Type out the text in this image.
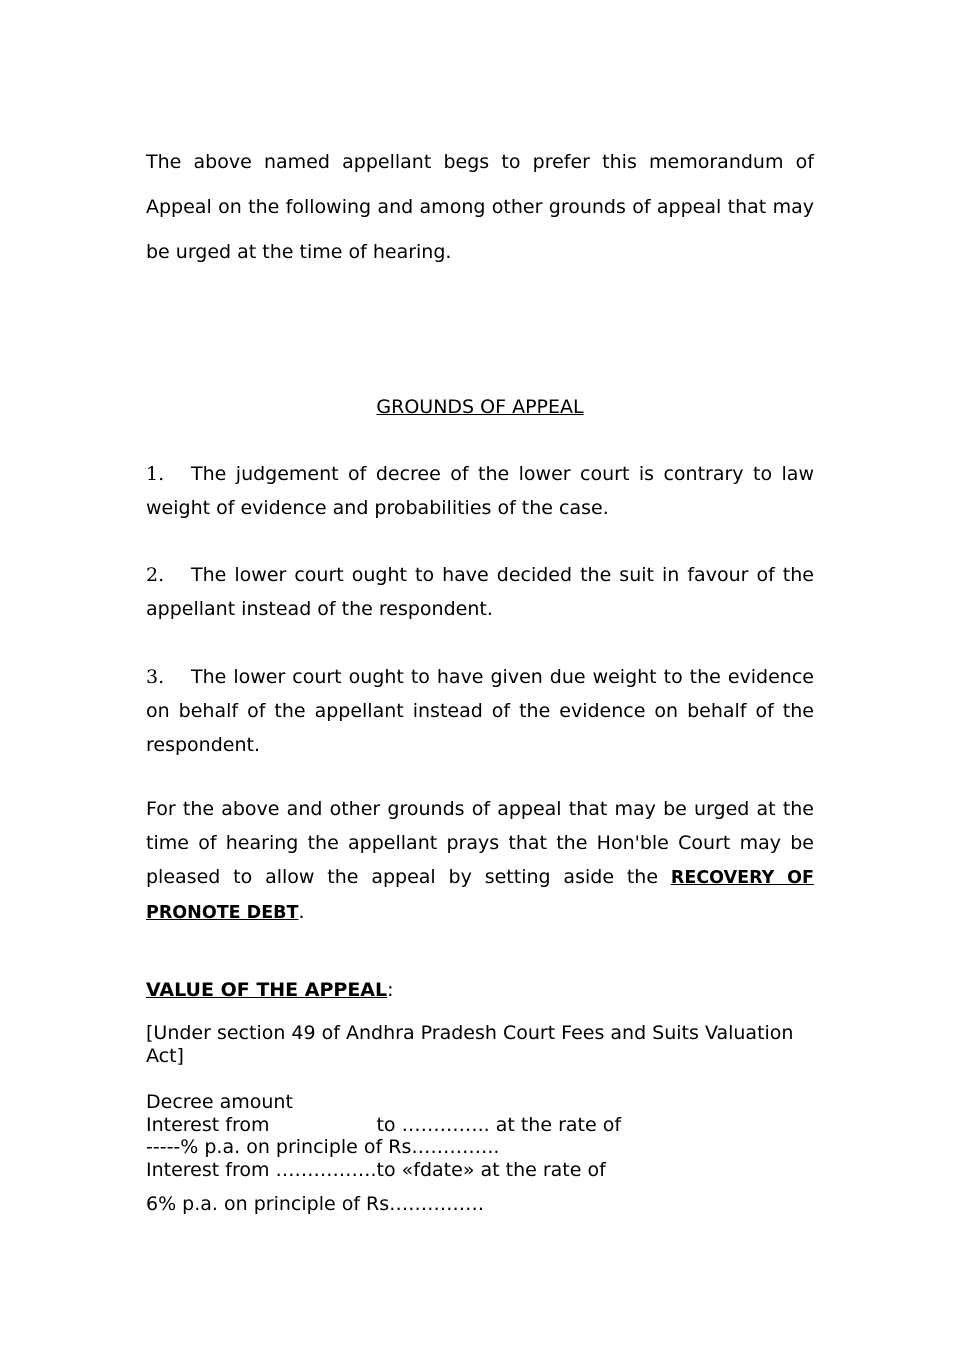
The above named appellant begs to prefer this memorandum of Appeal on the following and among other grounds of appeal that may be urged at the time of hearing.

GROUNDS OF APPEAL

1. The judgement of decree of the lower court is contrary to law weight of evidence and probabilities of the case.

2. The lower court ought to have decided the suit in favour of the appellant instead of the respondent.

3. The lower court ought to have given due weight to the evidence on behalf of the appellant instead of the evidence on behalf of the respondent.

For the above and other grounds of appeal that may be urged at the time of hearing the appellant prays that the Hon'ble Court may be pleased to allow the appeal by setting aside the RECOVERY OF PRONOTE DEBT.

VALUE OF THE APPEAL:

[Under section 49 of Andhra Pradesh Court Fees and Suits Valuation Act]

Decree amount
Interest from	to ………….. at the rate of
-----% p.a. on principle of Rs…………..
Interest from …………….to «fdate» at the rate of

6% p.a. on principle of Rs……………
